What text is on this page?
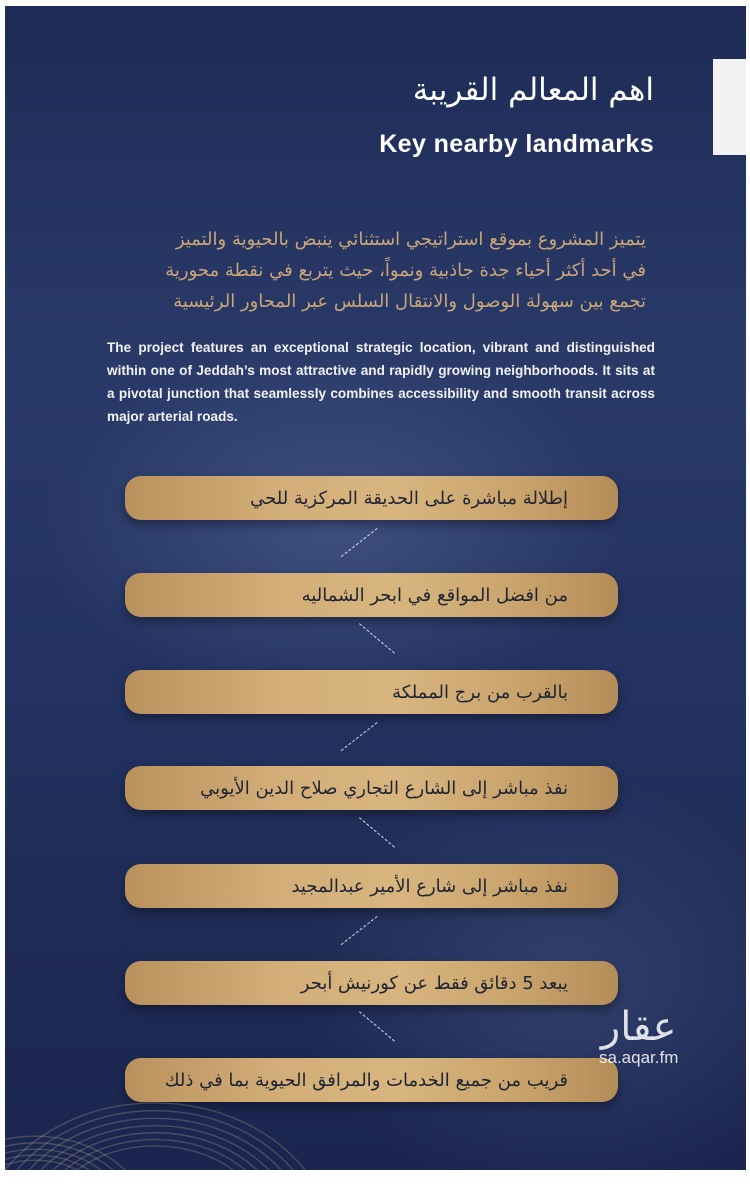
اهم المعالم القريبة
Key nearby landmarks
يتميز المشروع بموقع استراتيجي استثنائي ينبض بالحيوية والتميز
في أحد أكثر أحياء جدة جاذبية ونمواً، حيث يتربع في نقطة محورية
تجمع بين سهولة الوصول والانتقال السلس عبر المحاور الرئيسية
The project features an exceptional strategic location, vibrant and distinguished within one of Jeddah’s most attractive and rapidly growing neighborhoods. It sits at a pivotal junction that seamlessly combines accessibility and smooth transit across major arterial roads.
إطلالة مباشرة على الحديقة المركزية للحي
من افضل المواقع في ابحر الشماليه
بالقرب من برج المملكة
نفذ مباشر إلى الشارع التجاري صلاح الدين الأيوبي
نفذ مباشر إلى شارع الأمير عبدالمجيد
يبعد 5 دقائق فقط عن كورنيش أبحر
قريب من جميع الخدمات والمرافق الحيوية بما في ذلك
عقار
sa.aqar.fm
